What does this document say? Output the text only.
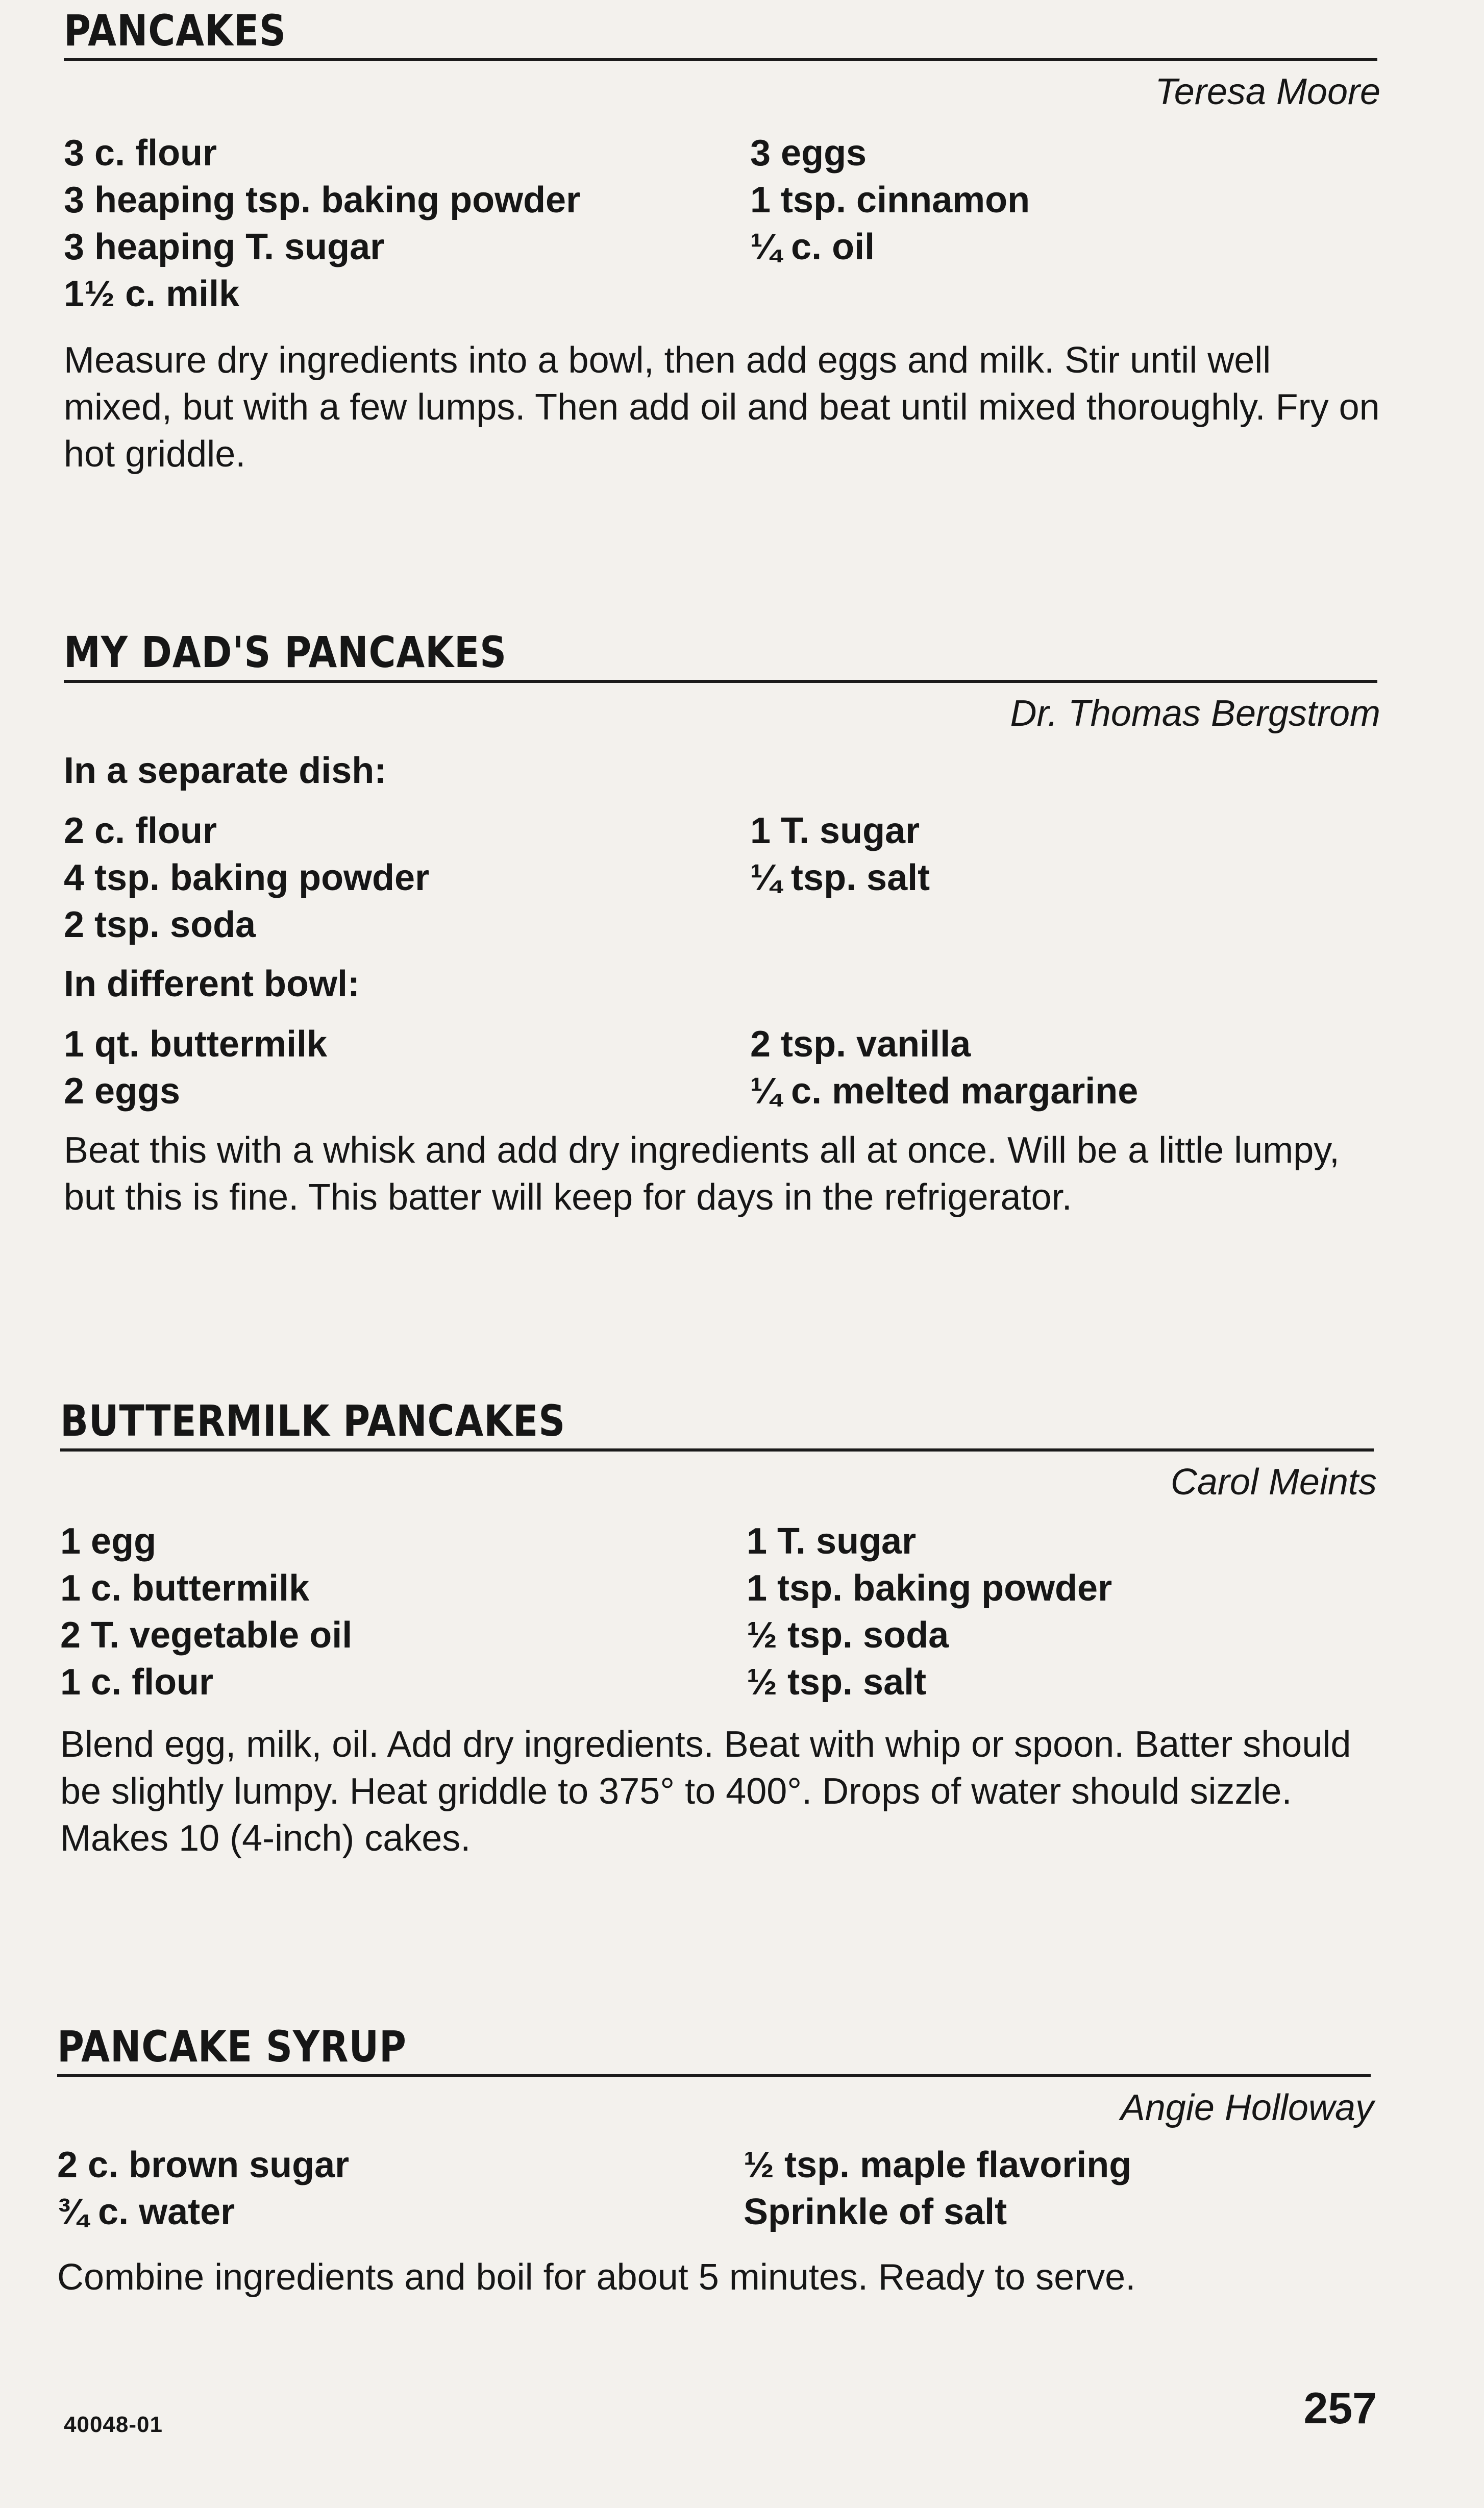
PANCAKES
Teresa Moore
3 c. flour
3 heaping tsp. baking powder
3 heaping T. sugar
1½ c. milk
3 eggs
1 tsp. cinnamon
¼ c. oil
Measure dry ingredients into a bowl, then add eggs and milk. Stir until well mixed, but with a few lumps. Then add oil and beat until mixed thoroughly. Fry on hot griddle.
MY DAD'S PANCAKES
Dr. Thomas Bergstrom
In a separate dish:
2 c. flour
4 tsp. baking powder
2 tsp. soda
1 T. sugar
¼ tsp. salt
In different bowl:
1 qt. buttermilk
2 eggs
2 tsp. vanilla
¼ c. melted margarine
Beat this with a whisk and add dry ingredients all at once. Will be a little lumpy, but this is fine. This batter will keep for days in the refrigerator.
BUTTERMILK PANCAKES
Carol Meints
1 egg
1 c. buttermilk
2 T. vegetable oil
1 c. flour
1 T. sugar
1 tsp. baking powder
½ tsp. soda
½ tsp. salt
Blend egg, milk, oil. Add dry ingredients. Beat with whip or spoon. Batter should be slightly lumpy. Heat griddle to 375° to 400°. Drops of water should sizzle. Makes 10 (4-inch) cakes.
PANCAKE SYRUP
Angie Holloway
2 c. brown sugar
¾ c. water
½ tsp. maple flavoring
Sprinkle of salt
Combine ingredients and boil for about 5 minutes. Ready to serve.
40048-01	257
